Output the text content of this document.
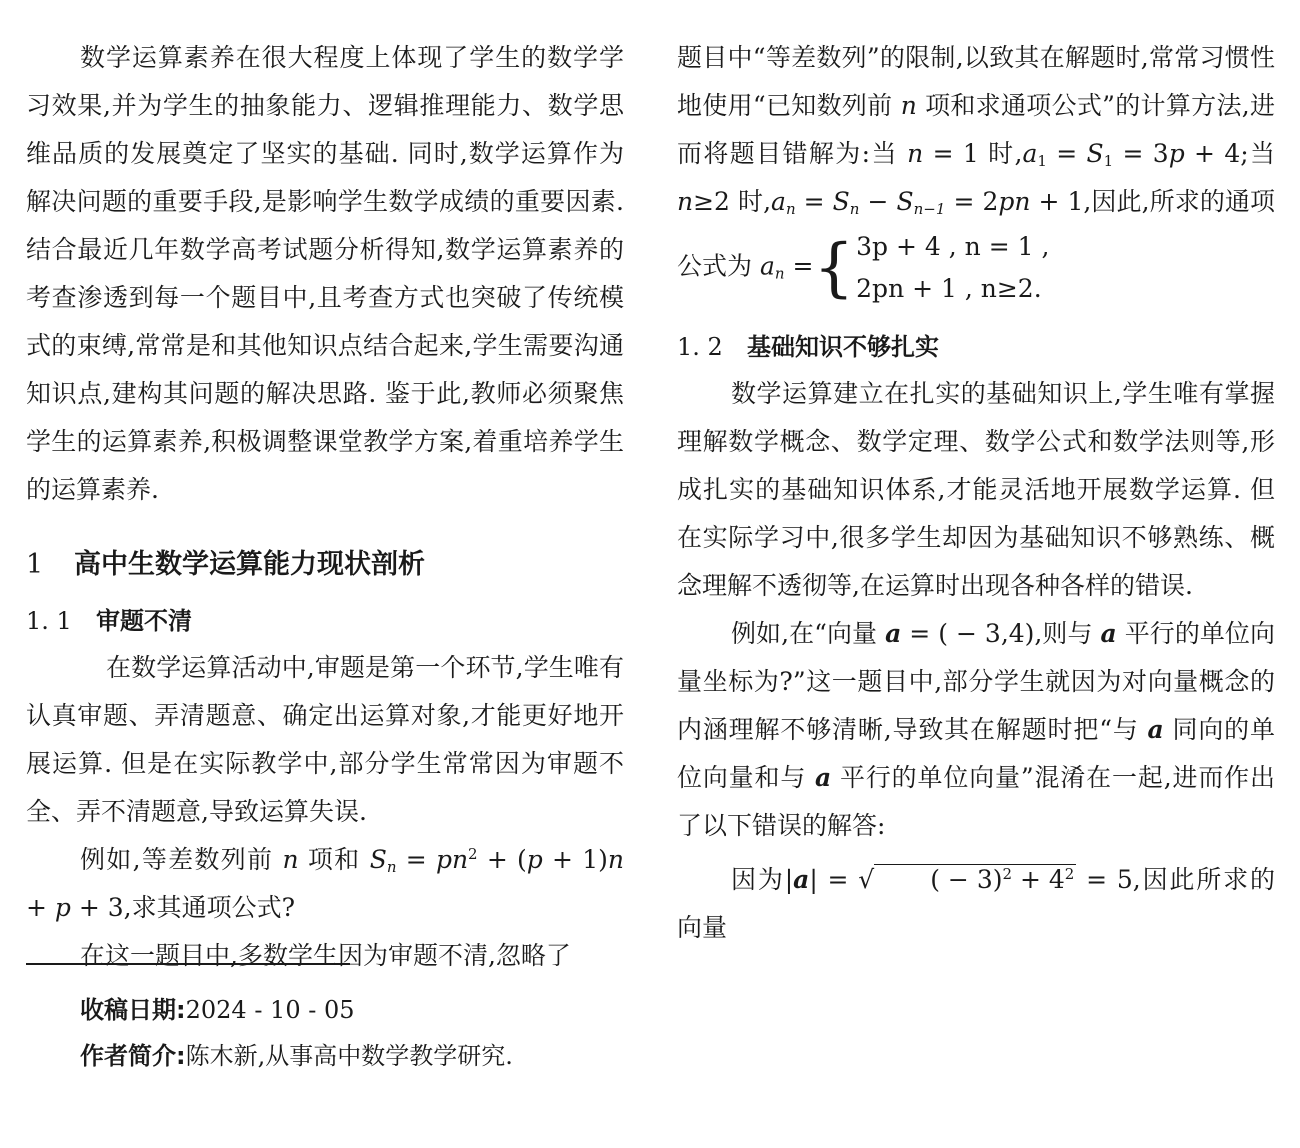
数学运算素养在很大程度上体现了学生的数学学习效果,并为学生的抽象能力、逻辑推理能力、数学思维品质的发展奠定了坚实的基础. 同时,数学运算作为解决问题的重要手段,是影响学生数学成绩的重要因素. 结合最近几年数学高考试题分析得知,数学运算素养的考查渗透到每一个题目中,且考查方式也突破了传统模式的束缚,常常是和其他知识点结合起来,学生需要沟通知识点,建构其问题的解决思路. 鉴于此,教师必须聚焦学生的运算素养,积极调整课堂教学方案,着重培养学生的运算素养.

1 高中生数学运算能力现状剖析
1. 1 审题不清

在数学运算活动中,审题是第一个环节,学生唯有认真审题、弄清题意、确定出运算对象,才能更好地开展运算. 但是在实际教学中,部分学生常常因为审题不全、弄不清题意,导致运算失误.

例如,等差数列前 n 项和 $S_n = pn^2 + (p + 1)n + p + 3$,求其通项公式?

在这一题目中,多数学生因为审题不清,忽略了

收稿日期:2024 - 10 - 05
作者简介:陈木新,从事高中数学教学研究.

题目中“等差数列”的限制,以致其在解题时,常常习惯性地使用“已知数列前 n 项和求通项公式”的计算方法,进而将题目错解为:当 n = 1 时$,a_1 = S_1 = 3p + 4$;当 n≥2 时$,a_n = S_n - S_{n-1} = 2pn + 1$,因此,所求的通项公式为 $a_n =\{3p + 4$ , n = 1 ,
2pn + 1 , n≥2.

1. 2 基础知识不够扎实

数学运算建立在扎实的基础知识上,学生唯有掌握理解数学概念、数学定理、数学公式和数学法则等,形成扎实的基础知识体系,才能灵活地开展数学运算. 但在实际学习中,很多学生却因为基础知识不够熟练、概念理解不透彻等,在运算时出现各种各样的错误.

例如,在“向量 a = ( − 3,4),则与 a 平行的单位向量坐标为?”这一题目中,部分学生就因为对向量概念的内涵理解不够清晰,导致其在解题时把“与 a 同向的单位向量和与 a 平行的单位向量”混淆在一起,进而作出了以下错误的解答:

因为|a| = √ ( − $3)^2 + 4^2 = 5$,因此所求的向量
